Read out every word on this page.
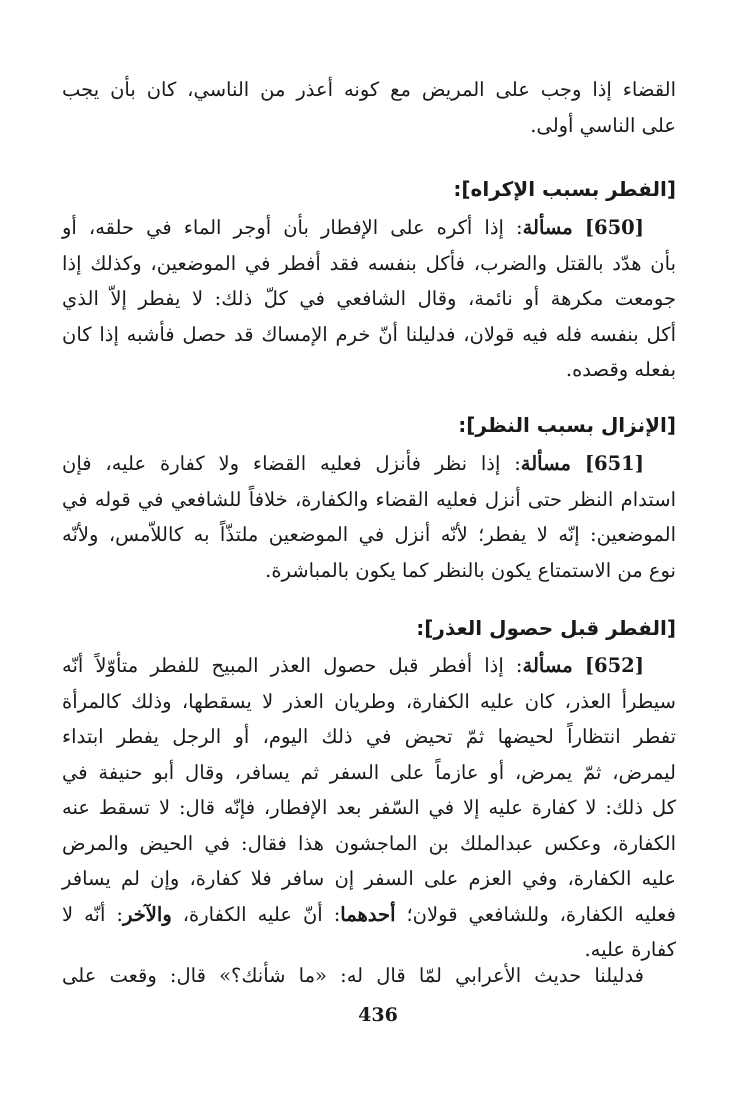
القضاء إذا وجب على المريض مع كونه أعذر من الناسي، كان بأن يجب
على الناسي أولى.
[الفطر بسبب الإكراه]:
[650] مسألة: إذا أكره على الإفطار بأن أوجر الماء في حلقه، أو
بأن هدّد بالقتل والضرب، فأكل بنفسه فقد أفطر في الموضعين، وكذلك إذا
جومعت مكرهة أو نائمة، وقال الشافعي في كلّ ذلك: لا يفطر إلاّ الذي
أكل بنفسه فله فيه قولان، فدليلنا أنّ خرم الإمساك قد حصل فأشبه إذا كان
بفعله وقصده.
[الإنزال بسبب النظر]:
[651] مسألة: إذا نظر فأنزل فعليه القضاء ولا كفارة عليه، فإن
استدام النظر حتى أنزل فعليه القضاء والكفارة، خلافاً للشافعي في قوله في
الموضعين: إنّه لا يفطر؛ لأنّه أنزل في الموضعين ملتذّاً به كاللاّمس، ولأنّه
نوع من الاستمتاع يكون بالنظر كما يكون بالمباشرة.
[الفطر قبل حصول العذر]:
[652] مسألة: إذا أفطر قبل حصول العذر المبيح للفطر متأوّلاً أنّه
سيطرأ العذر، كان عليه الكفارة، وطريان العذر لا يسقطها، وذلك كالمرأة
تفطر انتظاراً لحيضها ثمّ تحيض في ذلك اليوم، أو الرجل يفطر ابتداء
ليمرض، ثمّ يمرض، أو عازماً على السفر ثم يسافر، وقال أبو حنيفة في
كل ذلك: لا كفارة عليه إلا في السّفر بعد الإفطار، فإنّه قال: لا تسقط عنه
الكفارة، وعكس عبدالملك بن الماجشون هذا فقال: في الحيض والمرض
عليه الكفارة، وفي العزم على السفر إن سافر فلا كفارة، وإن لم يسافر
فعليه الكفارة، وللشافعي قولان؛ أحدهما: أنّ عليه الكفارة، والآخر: أنّه لا
كفارة عليه.
فدليلنا حديث الأعرابي لمّا قال له: «ما شأنك؟» قال: وقعت على
436
